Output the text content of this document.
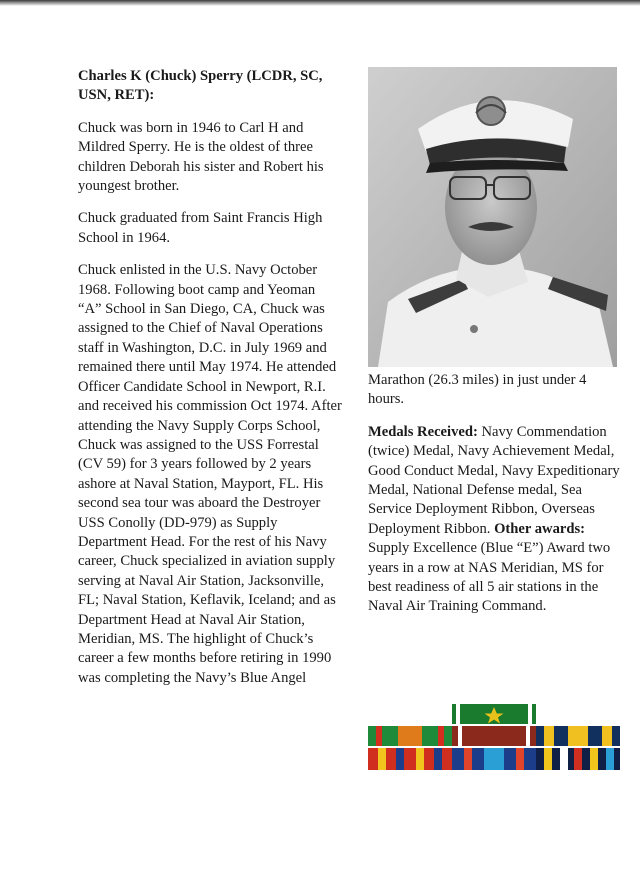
Charles K (Chuck) Sperry (LCDR, SC, USN, RET):

Chuck was born in 1946 to Carl H and Mildred Sperry. He is the oldest of three children Deborah his sister and Robert his youngest brother.

Chuck graduated from Saint Francis High School in 1964.

Chuck enlisted in the U.S. Navy October 1968. Following boot camp and Yeoman “A” School in San Diego, CA, Chuck was assigned to the Chief of Naval Operations staff in Washington, D.C. in July 1969 and remained there until May 1974. He attended Officer Candidate School in Newport, R.I. and received his commission Oct 1974. After attending the Navy Supply Corps School, Chuck was assigned to the USS Forrestal (CV 59) for 3 years followed by 2 years ashore at Naval Station, Mayport, FL. His second sea tour was aboard the Destroyer USS Conolly (DD-979) as Supply Department Head. For the rest of his Navy career, Chuck specialized in aviation supply serving at Naval Air Station, Jacksonville, FL; Naval Station, Keflavik, Iceland; and as Department Head at Naval Air Station, Meridian, MS. The highlight of Chuck’s career a few months before retiring in 1990 was completing the Navy’s Blue Angel

Marathon (26.3 miles) in just under 4 hours.

Medals Received: Navy Commendation (twice) Medal, Navy Achievement Medal, Good Conduct Medal, Navy Expeditionary Medal, National Defense medal, Sea Service Deployment Ribbon, Overseas Deployment Ribbon. Other awards: Supply Excellence (Blue “E”) Award two years in a row at NAS Meridian, MS for best readiness of all 5 air stations in the Naval Air Training Command.
